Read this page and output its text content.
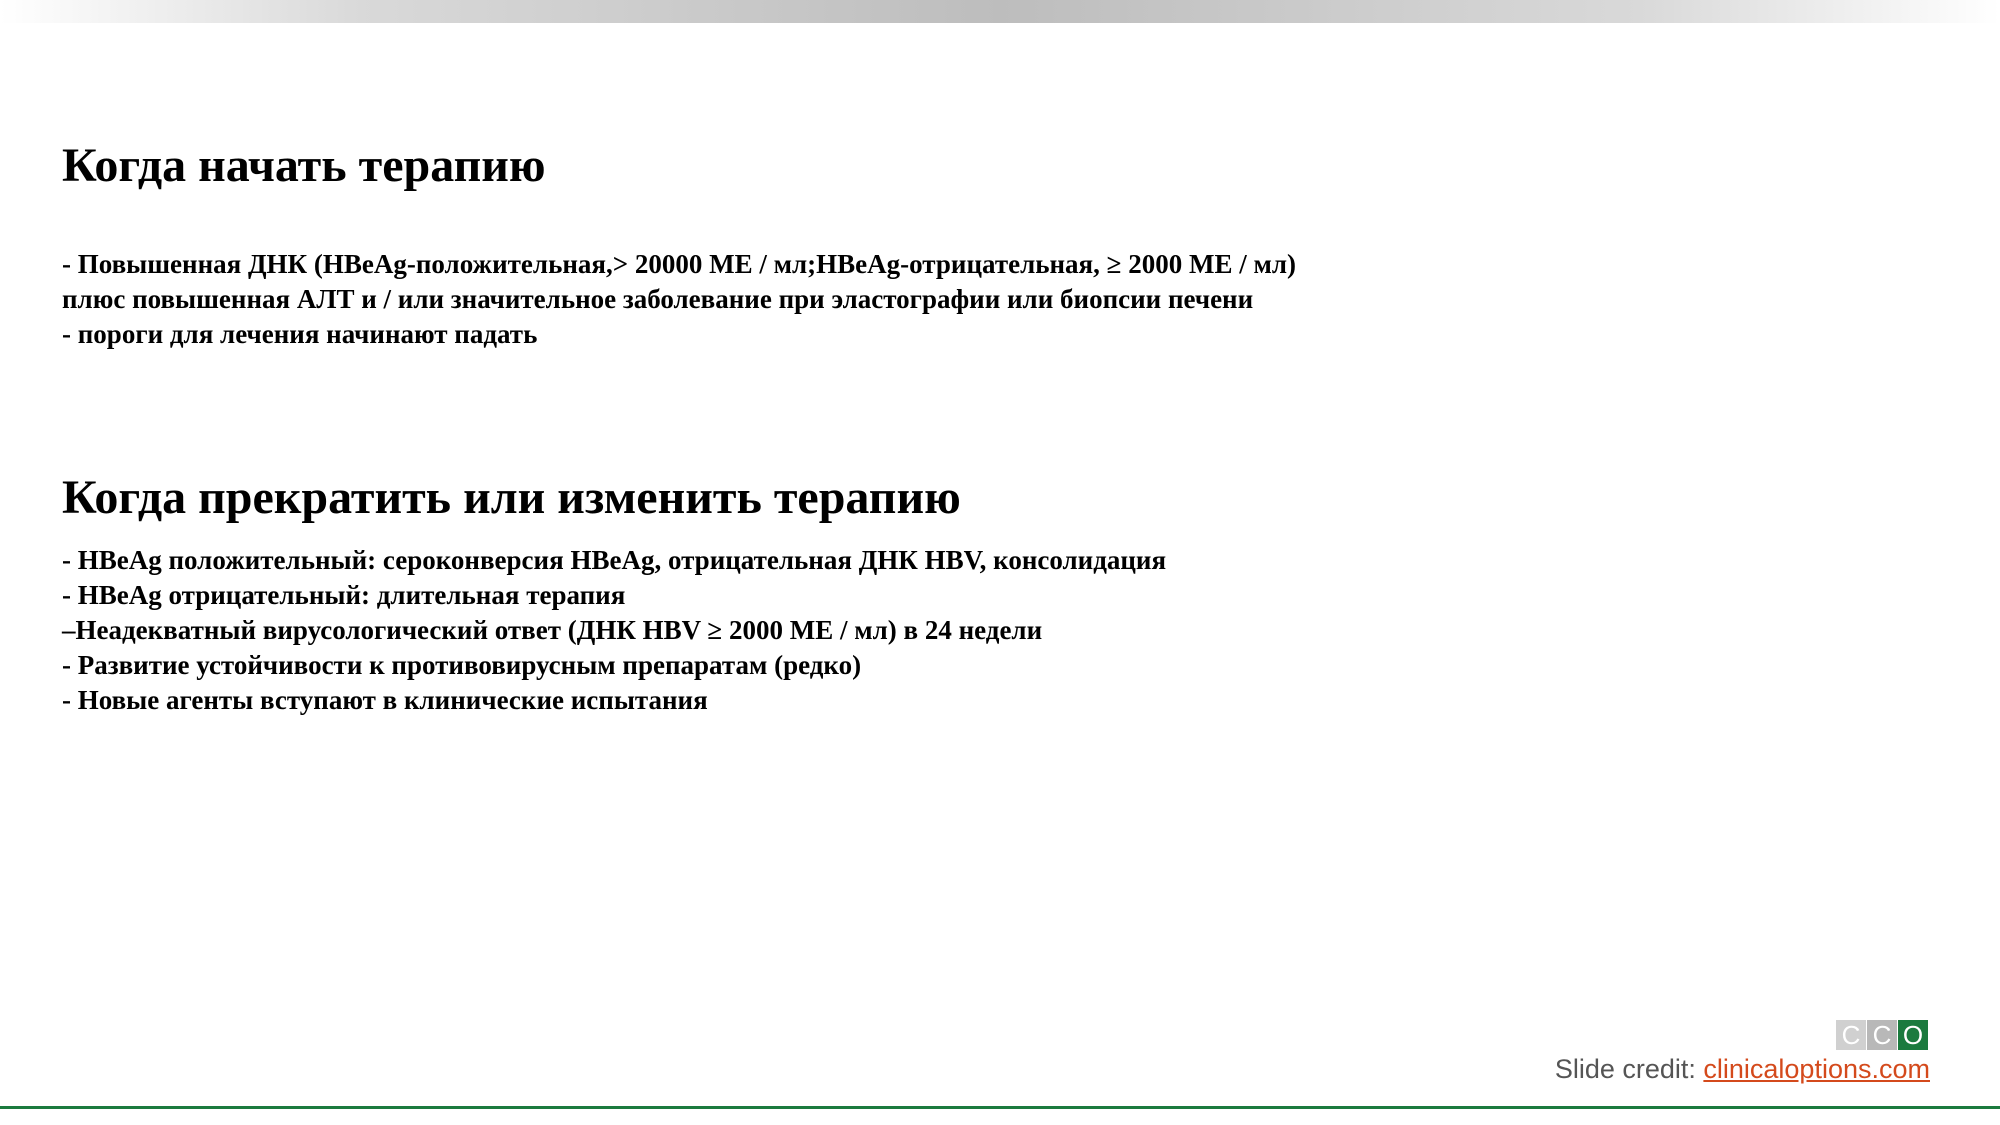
Когда начать терапию
- Повышенная ДНК (HBeAg-положительная,> 20000 МЕ / мл;HBeAg-отрицательная, ≥ 2000 МЕ / мл)
плюс повышенная АЛТ и / или значительное заболевание при эластографии или биопсии печени
- пороги для лечения начинают падать
Когда прекратить или изменить терапию
- HBeAg положительный: сероконверсия HBeAg, отрицательная ДНК HBV, консолидация
- HBeAg отрицательный: длительная терапия
–Неадекватный вирусологический ответ (ДНК HBV ≥ 2000 МЕ / мл) в 24 недели
- Развитие устойчивости к противовирусным препаратам (редко)
- Новые агенты вступают в клинические испытания
C C O
Slide credit: clinicaloptions.com
